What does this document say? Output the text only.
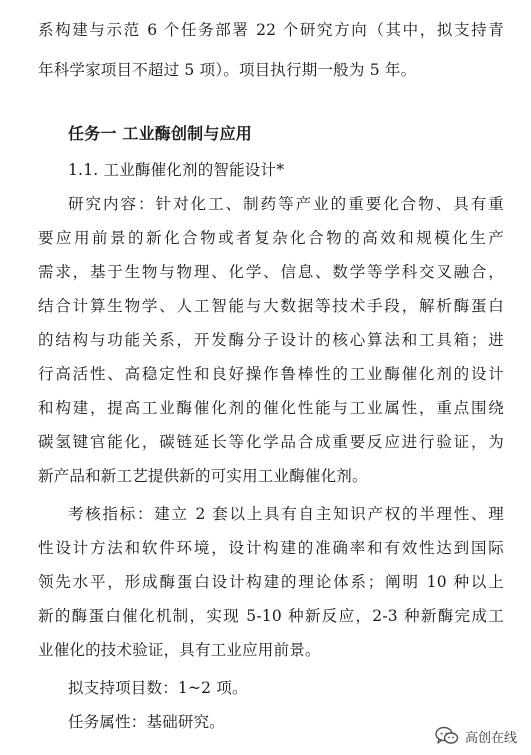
系构建与示范 6 个任务部署 22 个研究方向（其中，拟支持青
年科学家项目不超过 5 项）。项目执行期一般为 5 年。
任务一 工业酶创制与应用
1.1. 工业酶催化剂的智能设计*
研究内容：针对化工、制药等产业的重要化合物、具有重
要应用前景的新化合物或者复杂化合物的高效和规模化生产
需求，基于生物与物理、化学、信息、数学等学科交叉融合，
结合计算生物学、人工智能与大数据等技术手段，解析酶蛋白
的结构与功能关系，开发酶分子设计的核心算法和工具箱；进
行高活性、高稳定性和良好操作鲁棒性的工业酶催化剂的设计
和构建，提高工业酶催化剂的催化性能与工业属性，重点围绕
碳氢键官能化，碳链延长等化学品合成重要反应进行验证，为
新产品和新工艺提供新的可实用工业酶催化剂。
考核指标：建立 2 套以上具有自主知识产权的半理性、理
性设计方法和软件环境，设计构建的准确率和有效性达到国际
领先水平，形成酶蛋白设计构建的理论体系；阐明 10 种以上
新的酶蛋白催化机制，实现 5-10 种新反应，2-3 种新酶完成工
业催化的技术验证，具有工业应用前景。
拟支持项目数：1~2 项。
任务属性：基础研究。
高创在线
